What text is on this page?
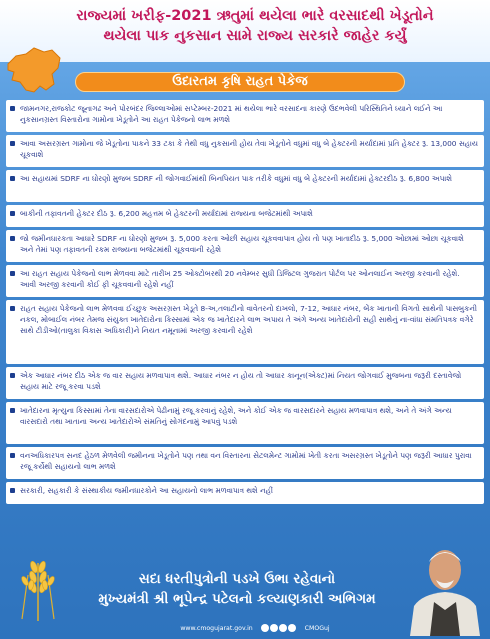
રાજ્યમાં ખરીફ-2021 ઋતુમાં થયેલા ભારે વરસાદથી ખેડૂતોને
થયેલા પાક નુકસાન સામે રાજ્ય સરકારે જાહેર કર્યું
ઉદારતમ કૃષિ રાહત પેકેજ
જામનગર,રાજકોટ જૂનાગઢ અને પોરબંદર જિલ્લાઓમાં સપ્ટેમ્બર-2021 માં થયેલા ભારે વરસાદના કારણે ઉદભવેલી પરિસ્થિતિને ધ્યાને લઈને આ નુકસાનગ્રસ્ત વિસ્તારોના ગામોના ખેડૂતોને આ રાહત પેકેજનો લાભ મળશે
આવા અસરગ્રસ્ત ગામોના જે ખેડૂતોના પાકને 33 ટકા કે તેથી વધુ નુકસાની હોય તેવા ખેડૂતોને વધુમાં વધુ બે હેક્ટરની મર્યાદામાં પ્રતિ હેક્ટર રૂ. 13,000 સહાય ચૂકવાશે
આ સહાયમાં SDRF ના ધોરણો મુજબ SDRF ની જોગવાઈમાંથી બિનપિયત પાક તરીકે વધુમાં વધુ બે હેક્ટરની મર્યાદામાં હેક્ટરદીઠ રૂ. 6,800 અપાશે
બાકીની તફાવતની હેક્ટર દીઠ રૂ. 6,200 મહત્તમ બે હેક્ટરની મર્યાદામાં રાજ્યના બજેટમાંથી અપાશે
જો જમીનધારકતા આધારે SDRF ના ધોરણો મુજબ રૂ. 5,000 કરતા ઓછી સહાય ચૂકવવાપાત્ર હોય તો પણ ખાતાદીઠ રૂ. 5,000 ઓછામાં ઓછા ચૂકવાશે અને તેમાં પણ તફાવતની રકમ રાજ્યના બજેટમાંથી ચૂકવવાની રહેશે
આ રાહત સહાય પેકેજનો લાભ મેળવવા માટે તારીખ 25 ઓક્ટોબરથી 20 નવેમ્બર સુધી ડિજિટલ ગુજરાત પોર્ટલ પર ઓનલાઈન અરજી કરવાની રહેશે. આવી અરજી કરવાની કોઈ ફી ચૂકવવાની રહેશે નહીં
રાહત સહાય પેકેજનો લાભ મેળવવા ઈચ્છુક અસરગ્રસ્ત ખેડૂતે 8-અ,તલાટીનો વાવેતરનો દાખલો, 7-12, આધાર નંબર, બેંક ખાતાની વિગતો સાથેની પાસબુકની નકલ, મોબાઈલ નંબર તેમજ સંયુક્ત ખાતેદારોના કિસ્સામાં એક જ ખાતેદારને લાભ અપાય તે અંગે અન્ય ખાતેદારોની સહી સાથેનું ના-વાંધા સંમતિપત્રક વગેરે સાથે ટીડીઓ(તાલુકા વિકાસ અધિકારી)ને નિયત નમૂનામાં અરજી કરવાની રહેશે
એક આધાર નંબર દીઠ એક જ વાર સહાય મળવાપાત્ર થશે. આધાર નંબર ન હોય તો આધાર કાનૂન(એક્ટ)માં નિયત જોગવાઈ મુજબના જરૂરી દસ્તાવેજો સહાય માટે રજૂ કરવા પડશે
ખાતેદારના મૃત્યુના કિસ્સામાં તેના વારસદારોએ પેઢીનામું રજૂ કરવાનું રહેશે, અને કોઈ એક જ વારસદારને સહાય મળવાપાત્ર થશે, અને તે અંગે અન્ય વારસદારો તથા ખાતાના અન્ય ખાતેદારોએ સંમતિનું સોગંદનામું આપવું પડશે
વનઅધિકારપત્ર સનદ હેઠળ મેળવેલી જમીનના ખેડૂતોને પણ તથા વન વિસ્તારના સેટલમેન્ટ ગામોમાં ખેતી કરતા અસરગ્રસ્ત ખેડૂતોને પણ જરૂરી આધાર પુરાવા રજૂ કર્યેથી સહાયનો લાભ મળશે
સરકારી, સહકારી કે સંસ્થાકીય જમીનધારકોને આ સહાયનો લાભ મળવાપાત્ર થશે નહીં
સદા ધરતીપુત્રોની પડખે ઉભા રહેવાનો
મુખ્યમંત્રી શ્રી ભૂપેન્દ્ર પટેલનો કલ્યાણકારી અભિગમ
www.cmogujarat.gov.in	CMOGuj
